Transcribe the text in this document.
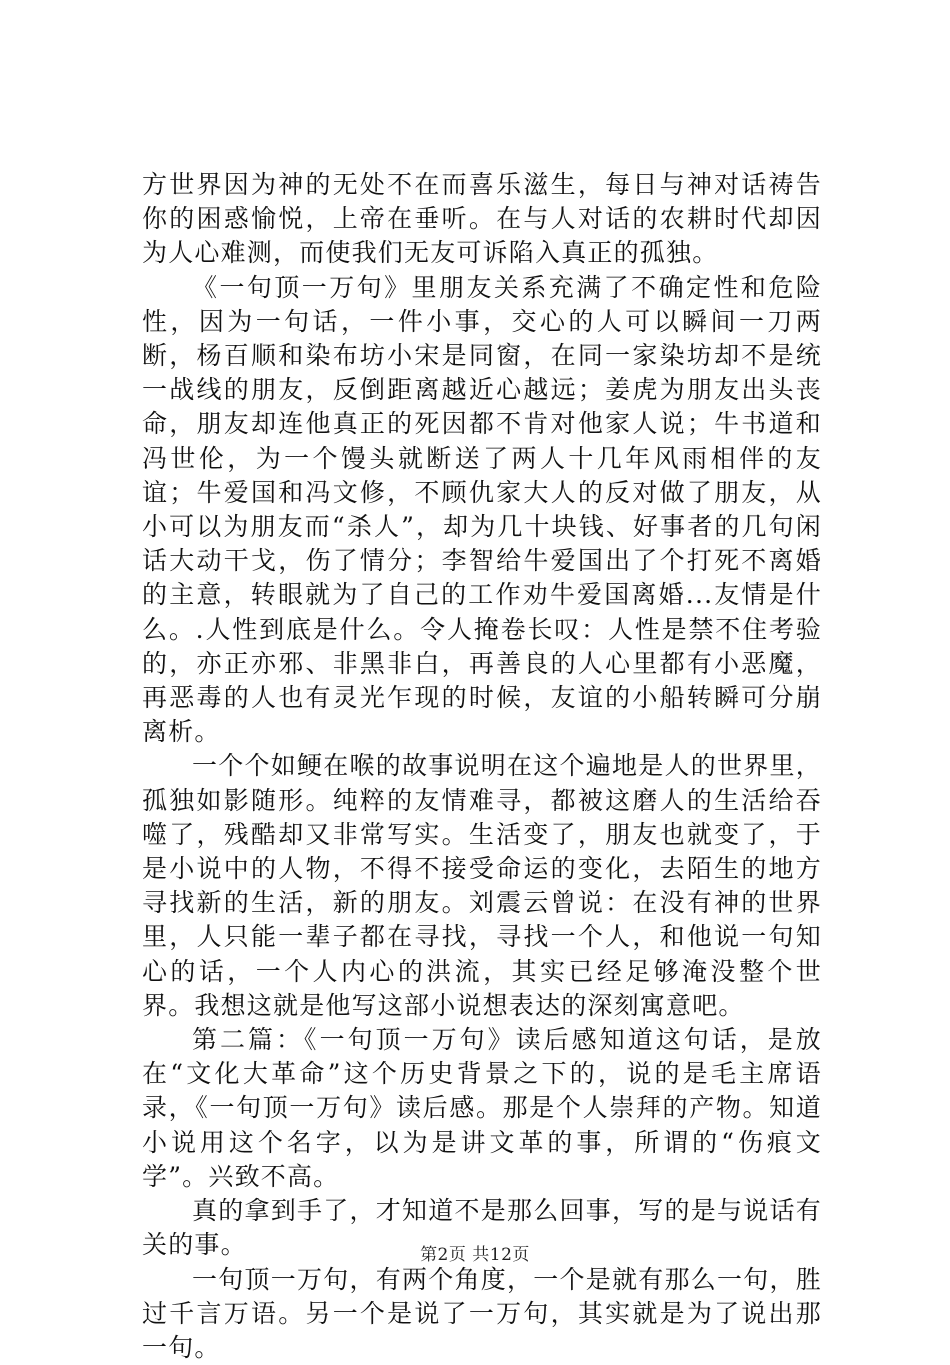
方世界因为神的无处不在而喜乐滋生，每日与神对话祷告你的困惑愉悦，上帝在垂听。在与人对话的农耕时代却因为人心难测，而使我们无友可诉陷入真正的孤独。

《一句顶一万句》里朋友关系充满了不确定性和危险性，因为一句话，一件小事，交心的人可以瞬间一刀两断，杨百顺和染布坊小宋是同窗，在同一家染坊却不是统一战线的朋友，反倒距离越近心越远；姜虎为朋友出头丧命，朋友却连他真正的死因都不肯对他家人说；牛书道和冯世伦，为一个馒头就断送了两人十几年风雨相伴的友谊；牛爱国和冯文修，不顾仇家大人的反对做了朋友，从小可以为朋友而“杀人”，却为几十块钱、好事者的几句闲话大动干戈，伤了情分；李智给牛爱国出了个打死不离婚的主意，转眼就为了自己的工作劝牛爱国离婚...友情是什么。.人性到底是什么。令人掩卷长叹：人性是禁不住考验的，亦正亦邪、非黑非白，再善良的人心里都有小恶魔，再恶毒的人也有灵光乍现的时候，友谊的小船转瞬可分崩离析。

一个个如鲠在喉的故事说明在这个遍地是人的世界里，孤独如影随形。纯粹的友情难寻，都被这磨人的生活给吞噬了，残酷却又非常写实。生活变了，朋友也就变了，于是小说中的人物，不得不接受命运的变化，去陌生的地方寻找新的生活，新的朋友。刘震云曾说：在没有神的世界里，人只能一辈子都在寻找，寻找一个人，和他说一句知心的话，一个人内心的洪流，其实已经足够淹没整个世界。我想这就是他写这部小说想表达的深刻寓意吧。

第二篇：《一句顶一万句》读后感知道这句话，是放在“文化大革命”这个历史背景之下的，说的是毛主席语录，《一句顶一万句》读后感。那是个人崇拜的产物。知道小说用这个名字，以为是讲文革的事，所谓的“伤痕文学”。兴致不高。

真的拿到手了，才知道不是那么回事，写的是与说话有关的事。

一句顶一万句，有两个角度，一个是就有那么一句，胜过千言万语。另一个是说了一万句，其实就是为了说出那一句。

第2页 共12页
